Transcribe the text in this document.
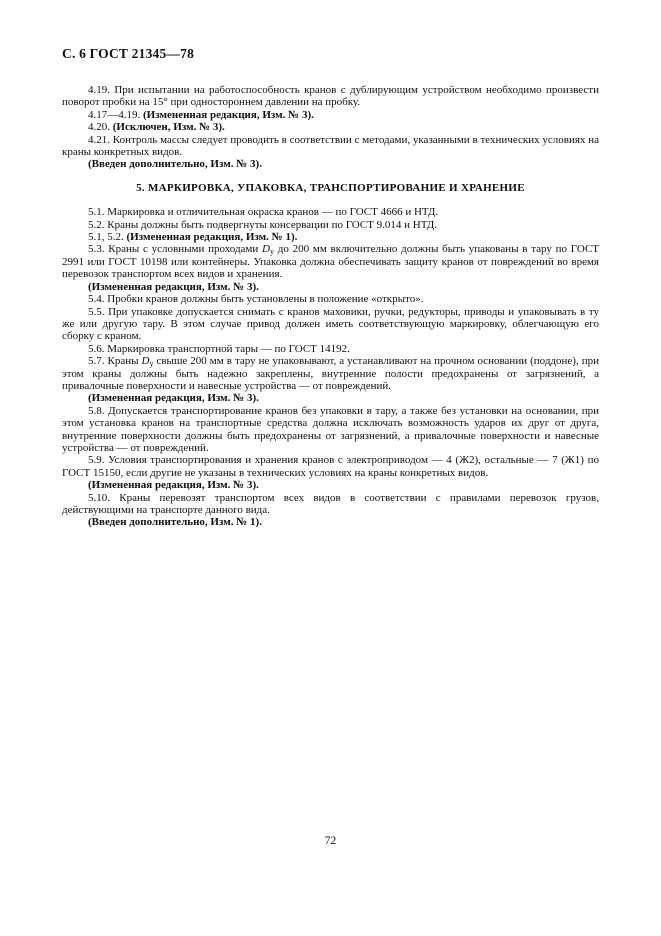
С. 6 ГОСТ 21345—78

4.19. При испытании на работоспособность кранов с дублирующим устройством необходимо произвести поворот пробки на 15° при одностороннем давлении на пробку.

4.17—4.19. (Измененная редакция, Изм. № 3).

4.20. (Исключен, Изм. № 3).

4.21. Контроль массы следует проводить в соответствии с методами, указанными в технических условиях на краны конкретных видов.

(Введен дополнительно, Изм. № 3).

5. МАРКИРОВКА, УПАКОВКА, ТРАНСПОРТИРОВАНИЕ И ХРАНЕНИЕ

5.1. Маркировка и отличительная окраска кранов — по ГОСТ 4666 и НТД.

5.2. Краны должны быть подвергнуты консервации по ГОСТ 9.014 и НТД.

5.1, 5.2. (Измененная редакция, Изм. № 1).

5.3. Краны с условными проходами $D_y$ до 200 мм включительно должны быть упакованы в тару по ГОСТ 2991 или ГОСТ 10198 или контейнеры. Упаковка должна обеспечивать защиту кранов от повреждений во время перевозок транспортом всех видов и хранения.

(Измененная редакция, Изм. № 3).

5.4. Пробки кранов должны быть установлены в положение «открыто».

5.5. При упаковке допускается снимать с кранов маховики, ручки, редукторы, приводы и упаковывать в ту же или другую тару. В этом случае привод должен иметь соответствующую маркировку, облегчающую его сборку с краном.

5.6. Маркировка транспортной тары — по ГОСТ 14192.

5.7. Краны $D_y$ свыше 200 мм в тару не упаковывают, а устанавливают на прочном основании (поддоне), при этом краны должны быть надежно закреплены, внутренние полости предохранены от загрязнений, а привалочные поверхности и навесные устройства — от повреждений.

(Измененная редакция, Изм. № 3).

5.8. Допускается транспортирование кранов без упаковки в тару, а также без установки на основании, при этом установка кранов на транспортные средства должна исключать возможность ударов их друг от друга, внутренние поверхности должны быть предохранены от загрязнений, а привалочные поверхности и навесные устройства — от повреждений.

5.9. Условия транспортирования и хранения кранов с электроприводом — 4 (Ж2), остальные — 7 (Ж1) по ГОСТ 15150, если другие не указаны в технических условиях на краны конкретных видов.

(Измененная редакция, Изм. № 3).

5.10. Краны перевозят транспортом всех видов в соответствии с правилами перевозок грузов, действующими на транспорте данного вида.

(Введен дополнительно, Изм. № 1).

72
